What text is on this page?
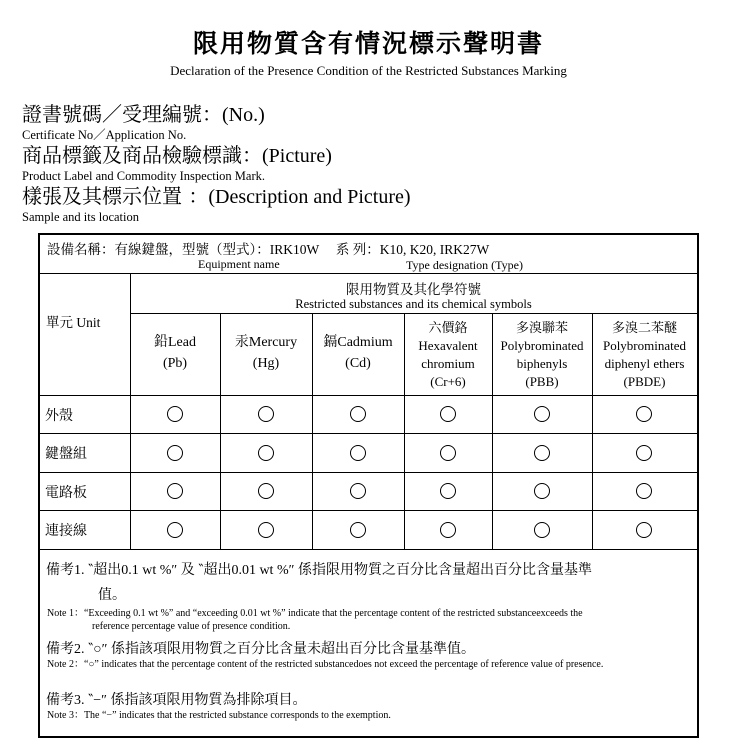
限用物質含有情況標示聲明書
Declaration of the Presence Condition of the Restricted Substances Marking
證書號碼／受理編號：(No.)
Certificate No／Application No.
商品標籤及商品檢驗標識：(Picture)
Product Label and Commodity Inspection Mark.
樣張及其標示位置 ：(Description and Picture)
Sample and its location
設備名稱：有線鍵盤，型號（型式）：IRK10W　 系 列：K10, K20, IRK27W
Equipment name	Type designation (Type)
單元 Unit
限用物質及其化學符號
Restricted substances and its chemical symbols
鉛Lead
(Pb)
汞Mercury
(Hg)
鎘Cadmium
(Cd)
六價鉻
Hexavalent
chromium
(Cr+6)
多溴聯苯
Polybrominated
biphenyls
(PBB)
多溴二苯醚
Polybrominated
diphenyl ethers
(PBDE)
外殼
鍵盤組
電路板
連接線
備考1. ‶超出0.1 wt %″ 及 ‶超出0.01 wt %″ 係指限用物質之百分比含量超出百分比含量基準
值。
Note 1：“Exceeding 0.1 wt %” and “exceeding 0.01 wt %” indicate that the percentage content of the restricted substanceexceeds the
reference percentage value of presence condition.
備考2. ‶○″ 係指該項限用物質之百分比含量未超出百分比含量基準值。
Note 2：“○” indicates that the percentage content of the restricted substancedoes not exceed the percentage of reference value of presence.
備考3. ‶−″ 係指該項限用物質為排除項目。
Note 3：The “−” indicates that the restricted substance corresponds to the exemption.
